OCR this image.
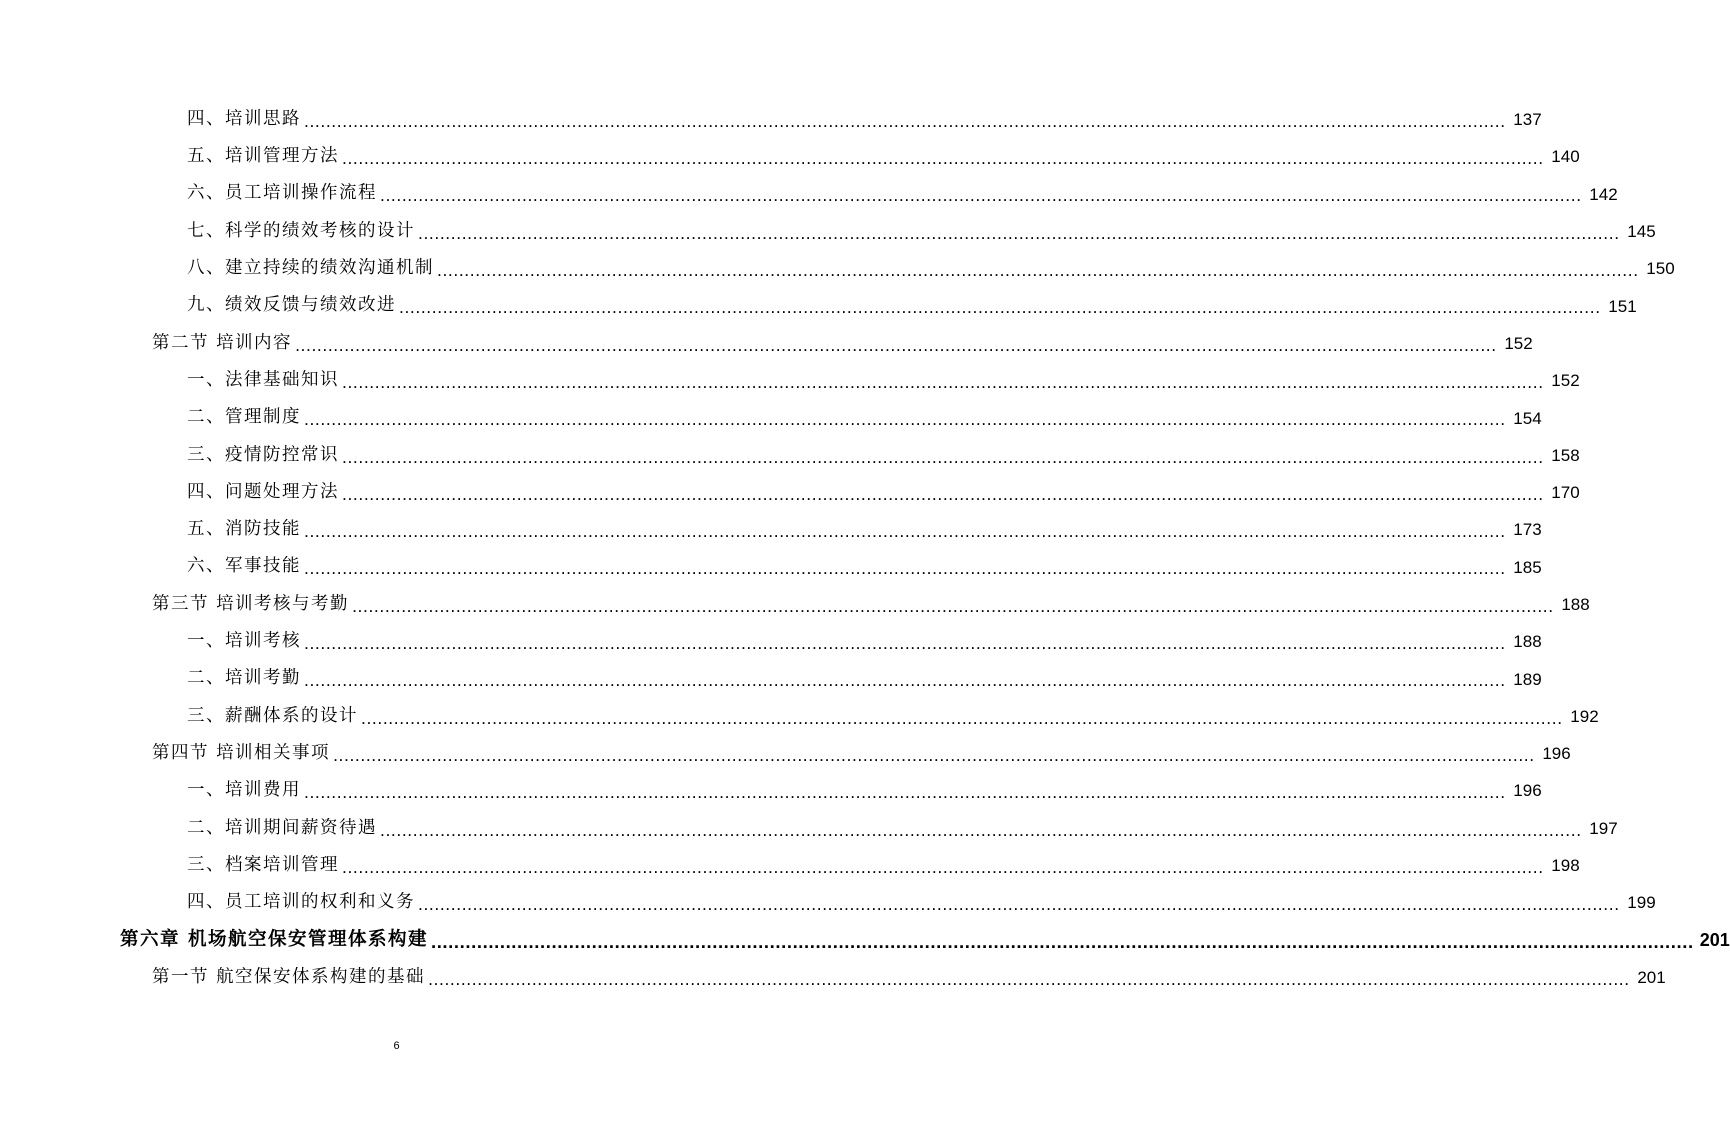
四、培训思路 ............................................................................................................................................................................................................................ 137
五、培训管理方法 ............................................................................................................................................................................................................................ 140
六、员工培训操作流程 ............................................................................................................................................................................................................................ 142
七、科学的绩效考核的设计 ............................................................................................................................................................................................................................ 145
八、建立持续的绩效沟通机制 ............................................................................................................................................................................................................................ 150
九、绩效反馈与绩效改进 ............................................................................................................................................................................................................................ 151
第二节 培训内容 ............................................................................................................................................................................................................................ 152
一、法律基础知识 ............................................................................................................................................................................................................................ 152
二、管理制度 ............................................................................................................................................................................................................................ 154
三、疫情防控常识 ............................................................................................................................................................................................................................ 158
四、问题处理方法 ............................................................................................................................................................................................................................ 170
五、消防技能 ............................................................................................................................................................................................................................ 173
六、军事技能 ............................................................................................................................................................................................................................ 185
第三节 培训考核与考勤 ............................................................................................................................................................................................................................ 188
一、培训考核 ............................................................................................................................................................................................................................ 188
二、培训考勤 ............................................................................................................................................................................................................................ 189
三、薪酬体系的设计 ............................................................................................................................................................................................................................ 192
第四节 培训相关事项 ............................................................................................................................................................................................................................ 196
一、培训费用 ............................................................................................................................................................................................................................ 196
二、培训期间薪资待遇 ............................................................................................................................................................................................................................ 197
三、档案培训管理 ............................................................................................................................................................................................................................ 198
四、员工培训的权利和义务 ............................................................................................................................................................................................................................ 199
第六章 机场航空保安管理体系构建 ............................................................................................................................................................................................................................ 201
第一节 航空保安体系构建的基础 ............................................................................................................................................................................................................................ 201
6
